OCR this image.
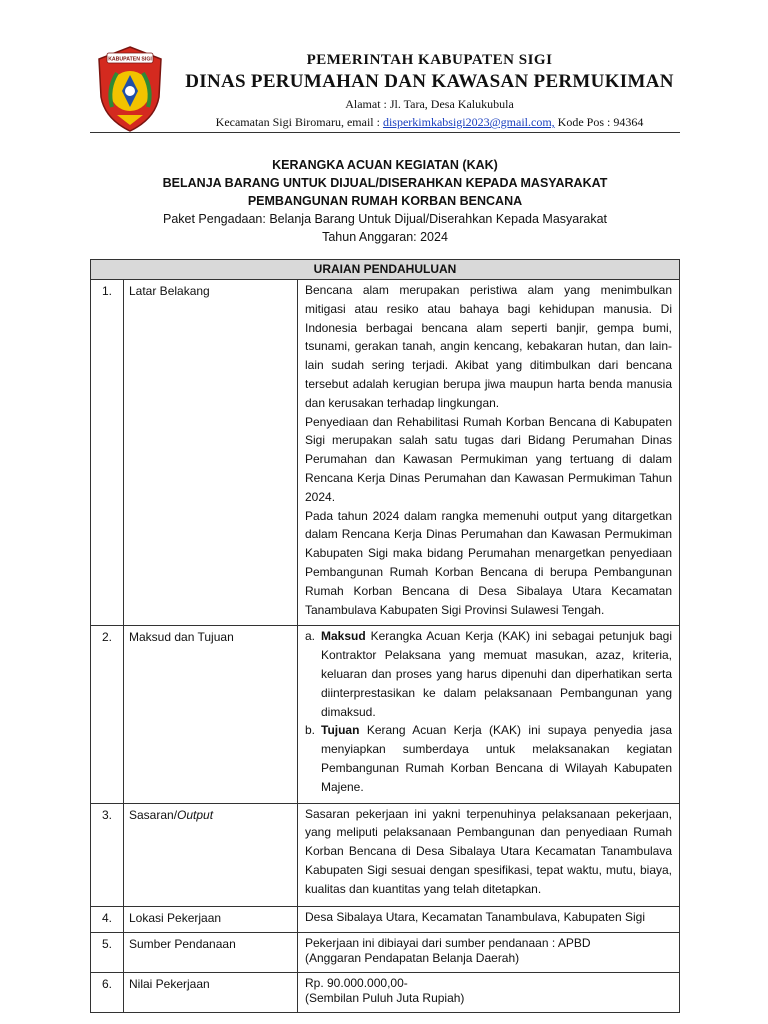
KABUPATEN SIGI	PEMERINTAH KABUPATEN SIGI
DINAS PERUMAHAN DAN KAWASAN PERMUKIMAN
Alamat : Jl. Tara, Desa Kalukubula
Kecamatan Sigi Biromaru, email : disperkimkabsigi2023@gmail.com, Kode Pos : 94364
KERANGKA ACUAN KEGIATAN (KAK)
BELANJA BARANG UNTUK DIJUAL/DISERAHKAN KEPADA MASYARAKAT
PEMBANGUNAN RUMAH KORBAN BENCANA
Paket Pengadaan: Belanja Barang Untuk Dijual/Diserahkan Kepada Masyarakat
Tahun Anggaran: 2024
URAIAN PENDAHULUAN		
1.	Latar Belakang	Bencana alam merupakan peristiwa alam yang menimbulkan mitigasi atau resiko atau bahaya bagi kehidupan manusia. Di Indonesia berbagai bencana alam seperti banjir, gempa bumi, tsunami, gerakan tanah, angin kencang, kebakaran hutan, dan lain-lain sudah sering terjadi. Akibat yang ditimbulkan dari bencana tersebut adalah kerugian berupa jiwa maupun harta benda manusia dan kerusakan terhadap lingkungan.
Penyediaan dan Rehabilitasi Rumah Korban Bencana di Kabupaten Sigi merupakan salah satu tugas dari Bidang Perumahan Dinas Perumahan dan Kawasan Permukiman yang tertuang di dalam Rencana Kerja Dinas Perumahan dan Kawasan Permukiman Tahun 2024.
Pada tahun 2024 dalam rangka memenuhi output yang ditargetkan dalam Rencana Kerja Dinas Perumahan dan Kawasan Permukiman Kabupaten Sigi maka bidang Perumahan menargetkan penyediaan Pembangunan Rumah Korban Bencana di berupa Pembangunan Rumah Korban Bencana di Desa Sibalaya Utara Kecamatan Tanambulava Kabupaten Sigi Provinsi Sulawesi Tengah.

2.	Maksud dan Tujuan	a. Maksud Kerangka Acuan Kerja (KAK) ini sebagai petunjuk bagi Kontraktor Pelaksana yang memuat masukan, azaz, kriteria, keluaran dan proses yang harus dipenuhi dan diperhatikan serta diinterprestasikan ke dalam pelaksanaan Pembangunan yang dimaksud.
b. Tujuan Kerang Acuan Kerja (KAK) ini supaya penyedia jasa menyiapkan sumberdaya untuk melaksanakan kegiatan Pembangunan Rumah Korban Bencana di Wilayah Kabupaten Majene.

3.	Sasaran/Output	Sasaran pekerjaan ini yakni terpenuhinya pelaksanaan pekerjaan, yang meliputi pelaksanaan Pembangunan dan penyediaan Rumah Korban Bencana di Desa Sibalaya Utara Kecamatan Tanambulava Kabupaten Sigi sesuai dengan spesifikasi, tepat waktu, mutu, biaya, kualitas dan kuantitas yang telah ditetapkan.
4.	Lokasi Pekerjaan	Desa Sibalaya Utara, Kecamatan Tanambulava, Kabupaten Sigi
5.	Sumber Pendanaan	Pekerjaan ini dibiayai dari sumber pendanaan : APBD
(Anggaran Pendapatan Belanja Daerah)

6.	Nilai Pekerjaan	Rp. 90.000.000,00-
(Sembilan Puluh Juta Rupiah)
